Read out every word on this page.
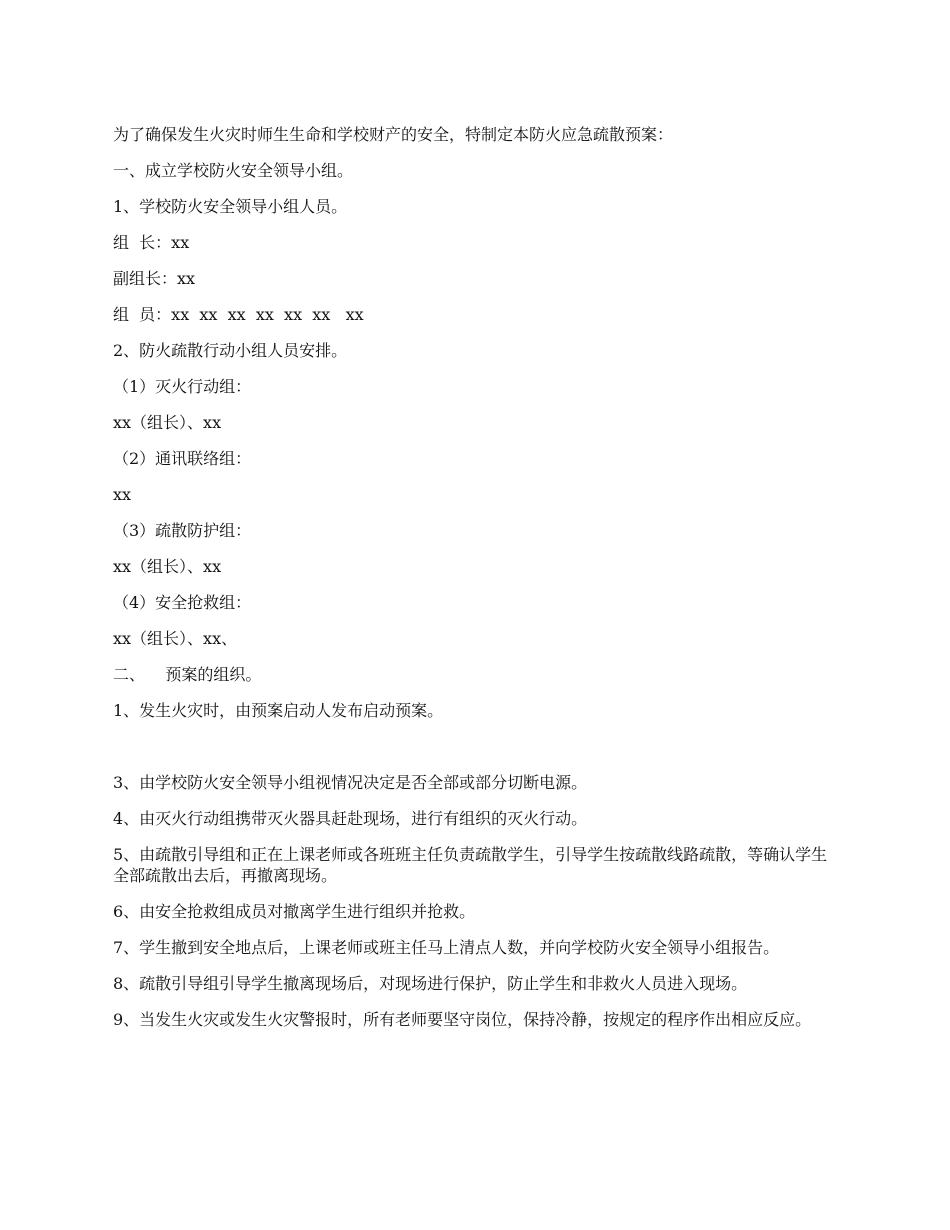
为了确保发生火灾时师生生命和学校财产的安全，特制定本防火应急疏散预案：

一、成立学校防火安全领导小组。

1、学校防火安全领导小组人员。

组  长：xx

副组长：xx

组  员：xx  xx  xx  xx  xx  xx   xx

2、防火疏散行动小组人员安排。

（1）灭火行动组：

xx（组长）、xx

（2）通讯联络组：

xx

（3）疏散防护组：

xx（组长）、xx

（4）安全抢救组：

xx（组长）、xx、

二、    预案的组织。

1、发生火灾时，由预案启动人发布启动预案。

3、由学校防火安全领导小组视情况决定是否全部或部分切断电源。

4、由灭火行动组携带灭火器具赶赴现场，进行有组织的灭火行动。

5、由疏散引导组和正在上课老师或各班班主任负责疏散学生，引导学生按疏散线路疏散，等确认学生全部疏散出去后，再撤离现场。

6、由安全抢救组成员对撤离学生进行组织并抢救。

7、学生撤到安全地点后，上课老师或班主任马上清点人数，并向学校防火安全领导小组报告。

8、疏散引导组引导学生撤离现场后，对现场进行保护，防止学生和非救火人员进入现场。

9、当发生火灾或发生火灾警报时，所有老师要坚守岗位，保持冷静，按规定的程序作出相应反应。
